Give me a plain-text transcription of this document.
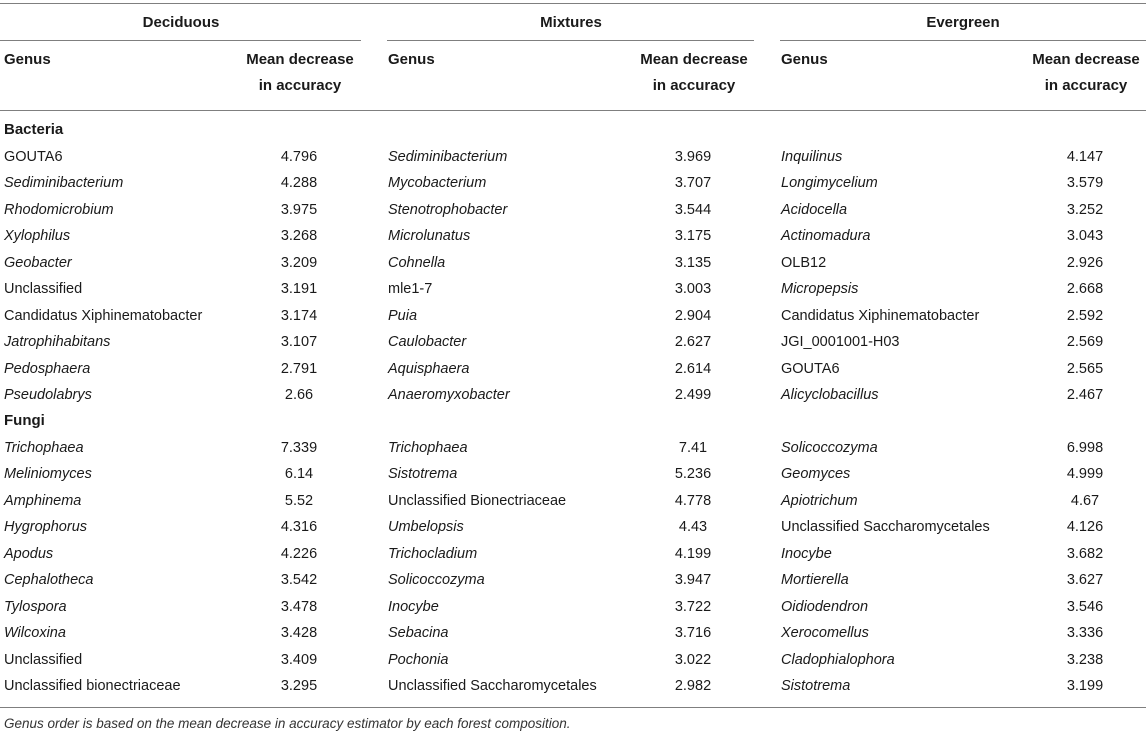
Deciduous	Mixtures	Evergreen
Genus	Mean decrease
in accuracy
Genus	Mean decrease
in accuracy
Genus	Mean decrease
in accuracy
Bacteria
GOUTA6	4.796	Sediminibacterium	3.969	Inquilinus	4.147
Sediminibacterium	4.288	Mycobacterium	3.707	Longimycelium	3.579
Rhodomicrobium	3.975	Stenotrophobacter	3.544	Acidocella	3.252
Xylophilus	3.268	Microlunatus	3.175	Actinomadura	3.043
Geobacter	3.209	Cohnella	3.135	OLB12	2.926
Unclassified	3.191	mle1-7	3.003	Micropepsis	2.668
Candidatus Xiphinematobacter	3.174	Puia	2.904	Candidatus Xiphinematobacter	2.592
Jatrophihabitans	3.107	Caulobacter	2.627	JGI_0001001-H03	2.569
Pedosphaera	2.791	Aquisphaera	2.614	GOUTA6	2.565
Pseudolabrys	2.66	Anaeromyxobacter	2.499	Alicyclobacillus	2.467
Fungi
Trichophaea	7.339	Trichophaea	7.41	Solicoccozyma	6.998
Meliniomyces	6.14	Sistotrema	5.236	Geomyces	4.999
Amphinema	5.52	Unclassified Bionectriaceae	4.778	Apiotrichum	4.67
Hygrophorus	4.316	Umbelopsis	4.43	Unclassified Saccharomycetales	4.126
Apodus	4.226	Trichocladium	4.199	Inocybe	3.682
Cephalotheca	3.542	Solicoccozyma	3.947	Mortierella	3.627
Tylospora	3.478	Inocybe	3.722	Oidiodendron	3.546
Wilcoxina	3.428	Sebacina	3.716	Xerocomellus	3.336
Unclassified	3.409	Pochonia	3.022	Cladophialophora	3.238
Unclassified bionectriaceae	3.295	Unclassified Saccharomycetales	2.982	Sistotrema	3.199
Genus order is based on the mean decrease in accuracy estimator by each forest composition.
